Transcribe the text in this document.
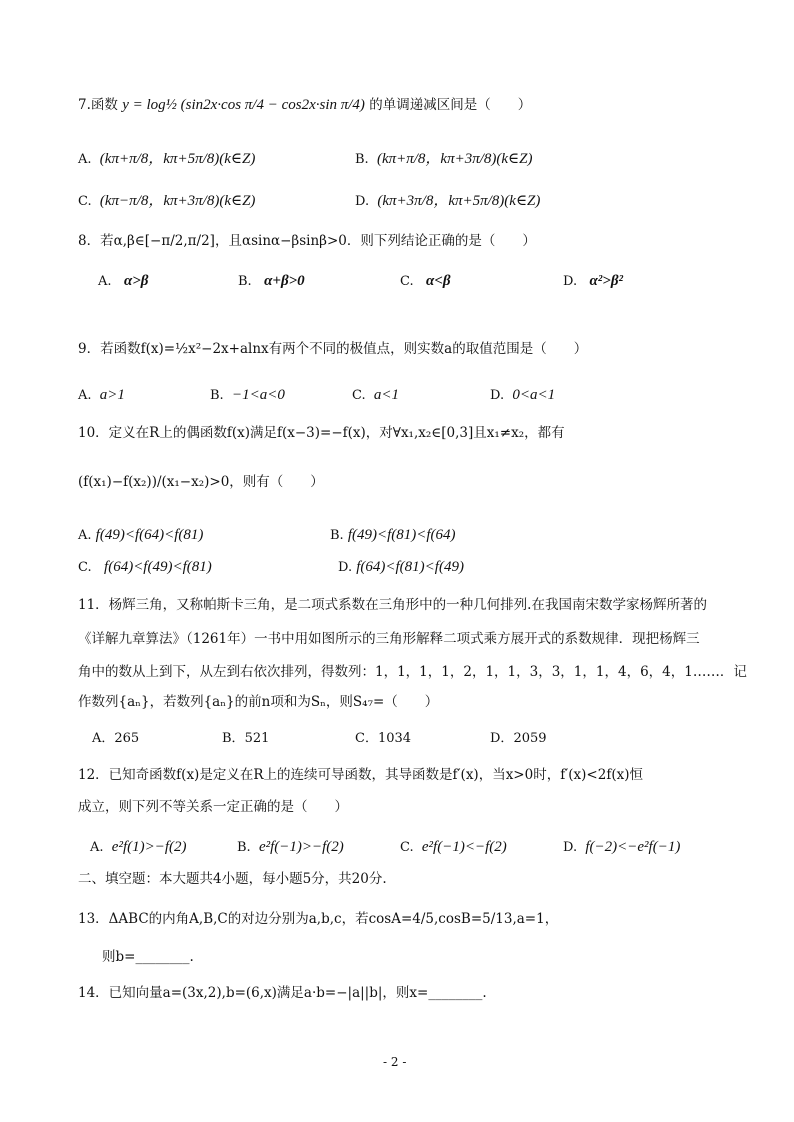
7.函数 y = log½ (sin2x·cos π/4 − cos2x·sin π/4) 的单调递减区间是（　　）
A. (kπ+π/8，kπ+5π/8)(k∈Z)	B. (kπ+π/8，kπ+3π/8)(k∈Z)
C. (kπ−π/8，kπ+3π/8)(k∈Z)	D. (kπ+3π/8，kπ+5π/8)(k∈Z)
8．若α,β∈[−π/2,π/2]，且αsinα−βsinβ>0．则下列结论正确的是（　　）
A. α>β	B. α+β>0	C. α<β	D. α²>β²
9．若函数f(x)=½x²−2x+alnx有两个不同的极值点，则实数a的取值范围是（　　）
A. a>1	B. −1<a<0	C. a<1	D. 0<a<1
10．定义在R上的偶函数f(x)满足f(x−3)=−f(x)，对∀x₁,x₂∈[0,3]且x₁≠x₂，都有
(f(x₁)−f(x₂))/(x₁−x₂)>0，则有（　　）
A. f(49)<f(64)<f(81)	B. f(49)<f(81)<f(64)
C. f(64)<f(49)<f(81)	D. f(64)<f(81)<f(49)
11．杨辉三角，又称帕斯卡三角，是二项式系数在三角形中的一种几何排列.在我国南宋数学家杨辉所著的
《详解九章算法》（1261年）一书中用如图所示的三角形解释二项式乘方展开式的系数规律．现把杨辉三
角中的数从上到下，从左到右依次排列，得数列：1，1，1，1，2，1，1，3，3，1，1，4，6，4，1……．记
作数列{aₙ}，若数列{aₙ}的前n项和为Sₙ，则S₄₇=（　　）
A．265	B．521	C．1034	D．2059
12．已知奇函数f(x)是定义在R上的连续可导函数，其导函数是f′(x)，当x>0时，f′(x)<2f(x)恒
成立，则下列不等关系一定正确的是（　　）
A. e²f(1)>−f(2)	B. e²f(−1)>−f(2)	C. e²f(−1)<−f(2)	D. f(−2)<−e²f(−1)
二、填空题：本大题共4小题，每小题5分，共20分.
13．ΔABC的内角A,B,C的对边分别为a,b,c，若cosA=4/5,cosB=5/13,a=1，
则b=________.
14．已知向量a=(3x,2),b=(6,x)满足a·b=−|a||b|，则x=________.
- 2 -
